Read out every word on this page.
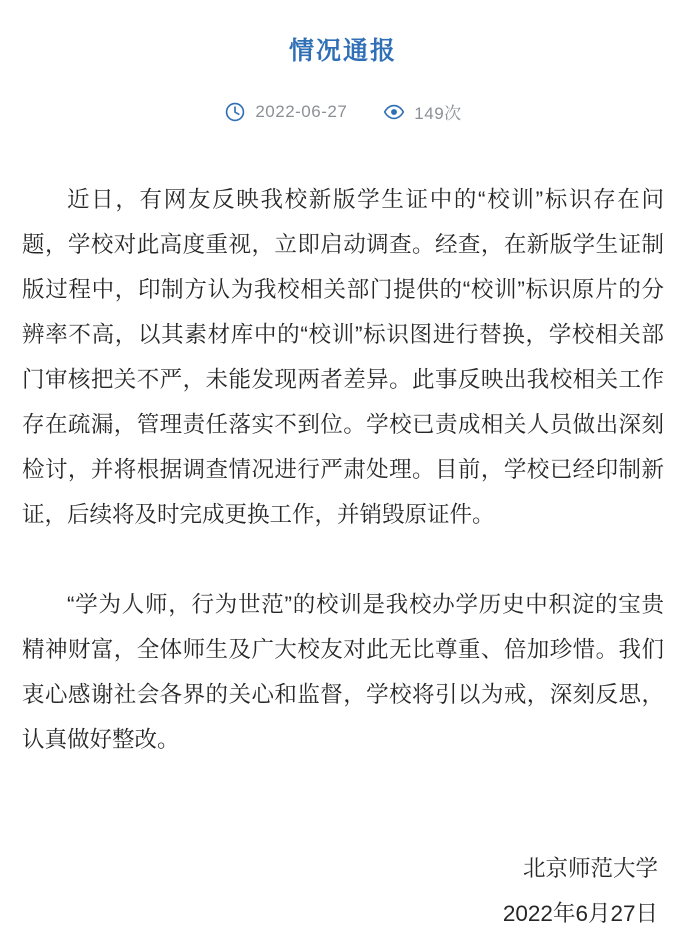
情况通报
2022-06-27	149次

近日，有网友反映我校新版学生证中的“校训”标识存在问题，学校对此高度重视，立即启动调查。经查，在新版学生证制版过程中，印制方认为我校相关部门提供的“校训”标识原片的分辨率不高，以其素材库中的“校训”标识图进行替换，学校相关部门审核把关不严，未能发现两者差异。此事反映出我校相关工作存在疏漏，管理责任落实不到位。学校已责成相关人员做出深刻检讨，并将根据调查情况进行严肃处理。目前，学校已经印制新证，后续将及时完成更换工作，并销毁原证件。

“学为人师，行为世范”的校训是我校办学历史中积淀的宝贵精神财富，全体师生及广大校友对此无比尊重、倍加珍惜。我们衷心感谢社会各界的关心和监督，学校将引以为戒，深刻反思，认真做好整改。

北京师范大学
2022年6月27日
